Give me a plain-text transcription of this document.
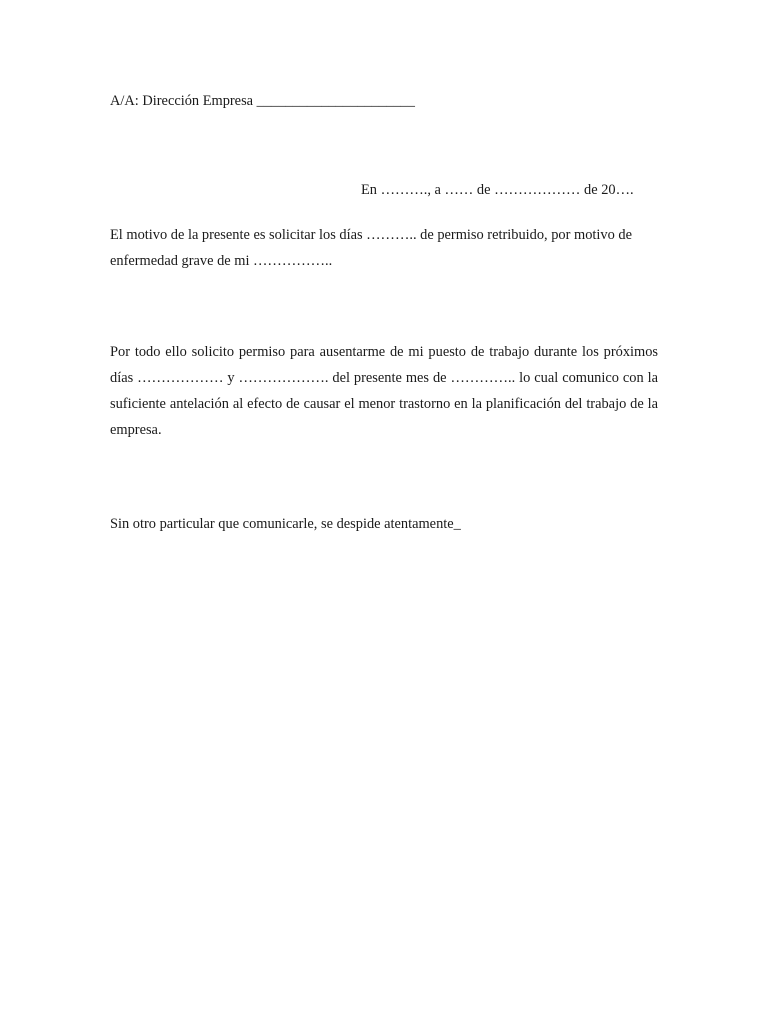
A/A: Dirección Empresa ______________________
En ………., a …… de ……………… de 20….
El motivo de la presente es solicitar los días ……….. de permiso retribuido, por motivo de enfermedad grave de mi ……………..
Por todo ello solicito permiso para ausentarme de mi puesto de trabajo durante los próximos días ……………… y ………………. del presente mes de ………….. lo cual comunico con la suficiente antelación al efecto de causar el menor trastorno en la planificación del trabajo de la empresa.
Sin otro particular que comunicarle, se despide atentamente_
